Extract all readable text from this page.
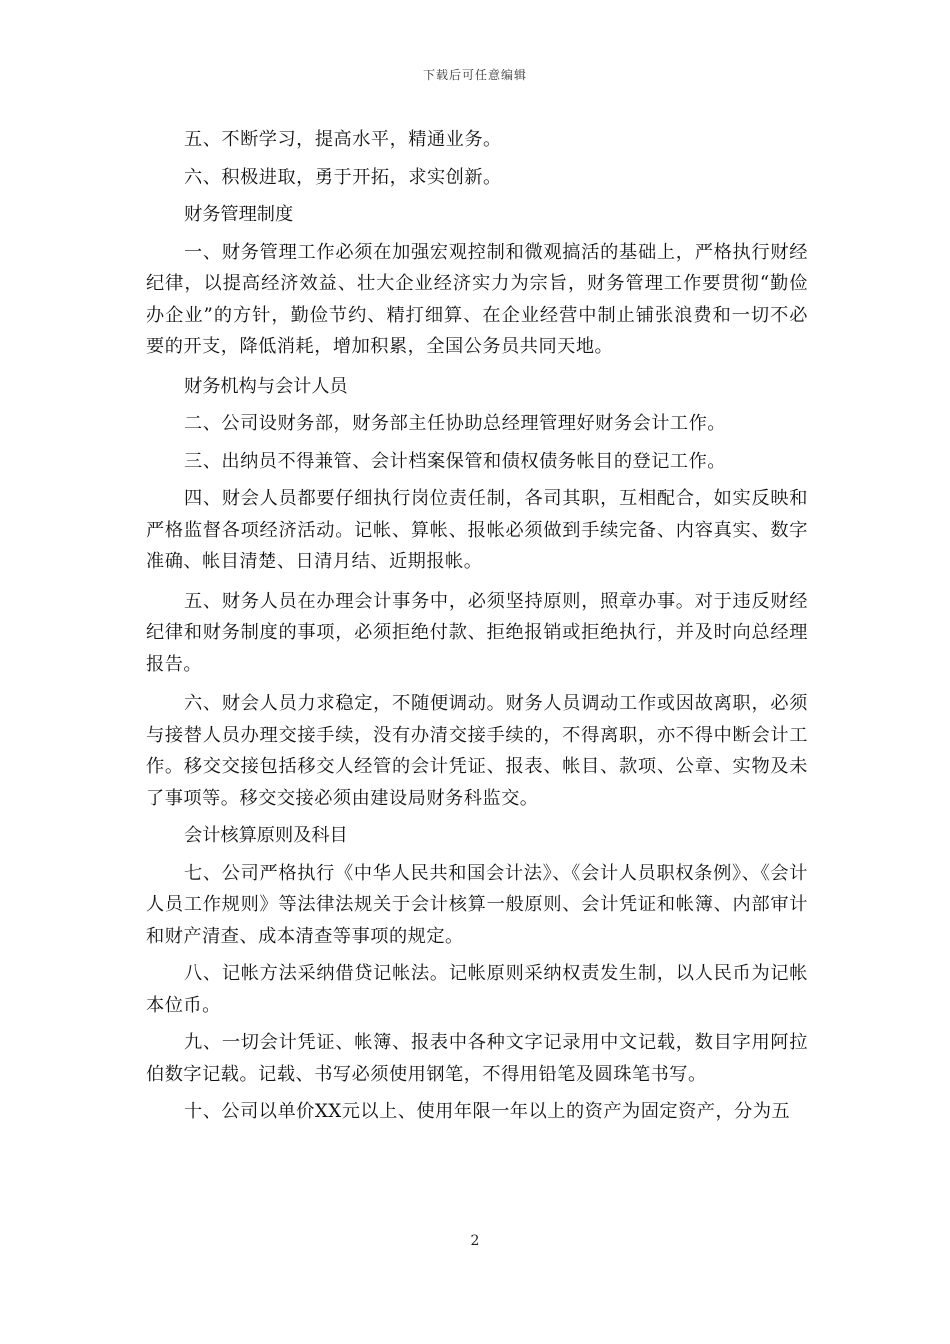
下载后可任意编辑

五、不断学习，提高水平，精通业务。

六、积极进取，勇于开拓，求实创新。

财务管理制度

一、财务管理工作必须在加强宏观控制和微观搞活的基础上，严格执行财经纪律，以提高经济效益、壮大企业经济实力为宗旨，财务管理工作要贯彻“勤俭办企业”的方针，勤俭节约、精打细算、在企业经营中制止铺张浪费和一切不必要的开支，降低消耗，增加积累，全国公务员共同天地。

财务机构与会计人员

二、公司设财务部，财务部主任协助总经理管理好财务会计工作。

三、出纳员不得兼管、会计档案保管和债权债务帐目的登记工作。

四、财会人员都要仔细执行岗位责任制，各司其职，互相配合，如实反映和严格监督各项经济活动。记帐、算帐、报帐必须做到手续完备、内容真实、数字准确、帐目清楚、日清月结、近期报帐。

五、财务人员在办理会计事务中，必须坚持原则，照章办事。对于违反财经纪律和财务制度的事项，必须拒绝付款、拒绝报销或拒绝执行，并及时向总经理报告。

六、财会人员力求稳定，不随便调动。财务人员调动工作或因故离职，必须与接替人员办理交接手续，没有办清交接手续的，不得离职，亦不得中断会计工作。移交交接包括移交人经管的会计凭证、报表、帐目、款项、公章、实物及未了事项等。移交交接必须由建设局财务科监交。

会计核算原则及科目

七、公司严格执行《中华人民共和国会计法》、《会计人员职权条例》、《会计人员工作规则》等法律法规关于会计核算一般原则、会计凭证和帐簿、内部审计和财产清查、成本清查等事项的规定。

八、记帐方法采纳借贷记帐法。记帐原则采纳权责发生制，以人民币为记帐本位币。

九、一切会计凭证、帐簿、报表中各种文字记录用中文记载，数目字用阿拉伯数字记载。记载、书写必须使用钢笔，不得用铅笔及圆珠笔书写。

十、公司以单价XX元以上、使用年限一年以上的资产为固定资产，分为五

2
